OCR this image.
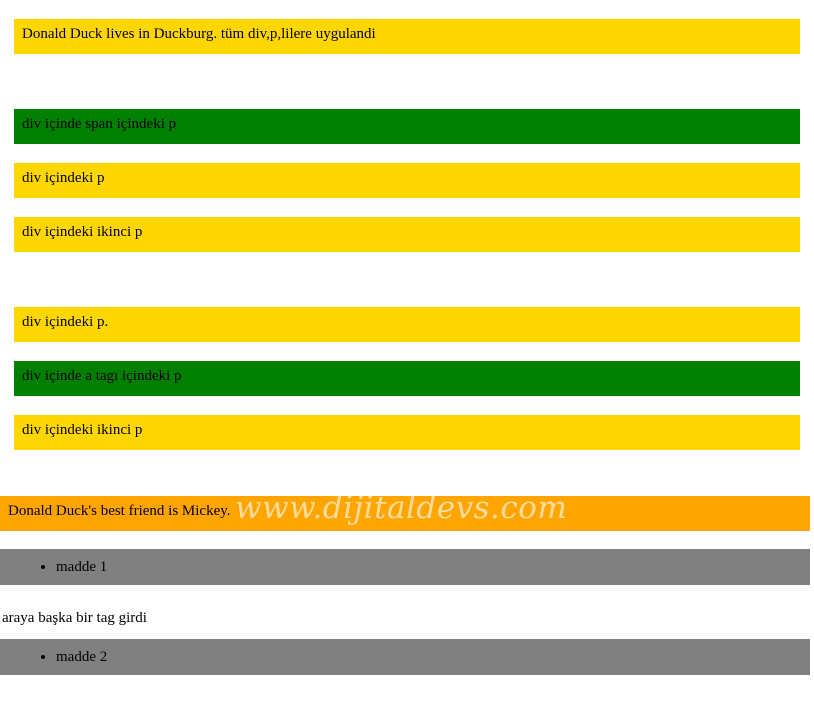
Donald Duck lives in Duckburg. tüm div,p,lilere uygulandi
div içinde span içindeki p
div içindeki p
div içindeki ikinci p
div içindeki p.
div içinde a tagı içindeki p
div içindeki ikinci p
Donald Duck's best friend is Mickey. www.dijitaldevs.com
• madde 1
araya başka bir tag girdi
• madde 2
